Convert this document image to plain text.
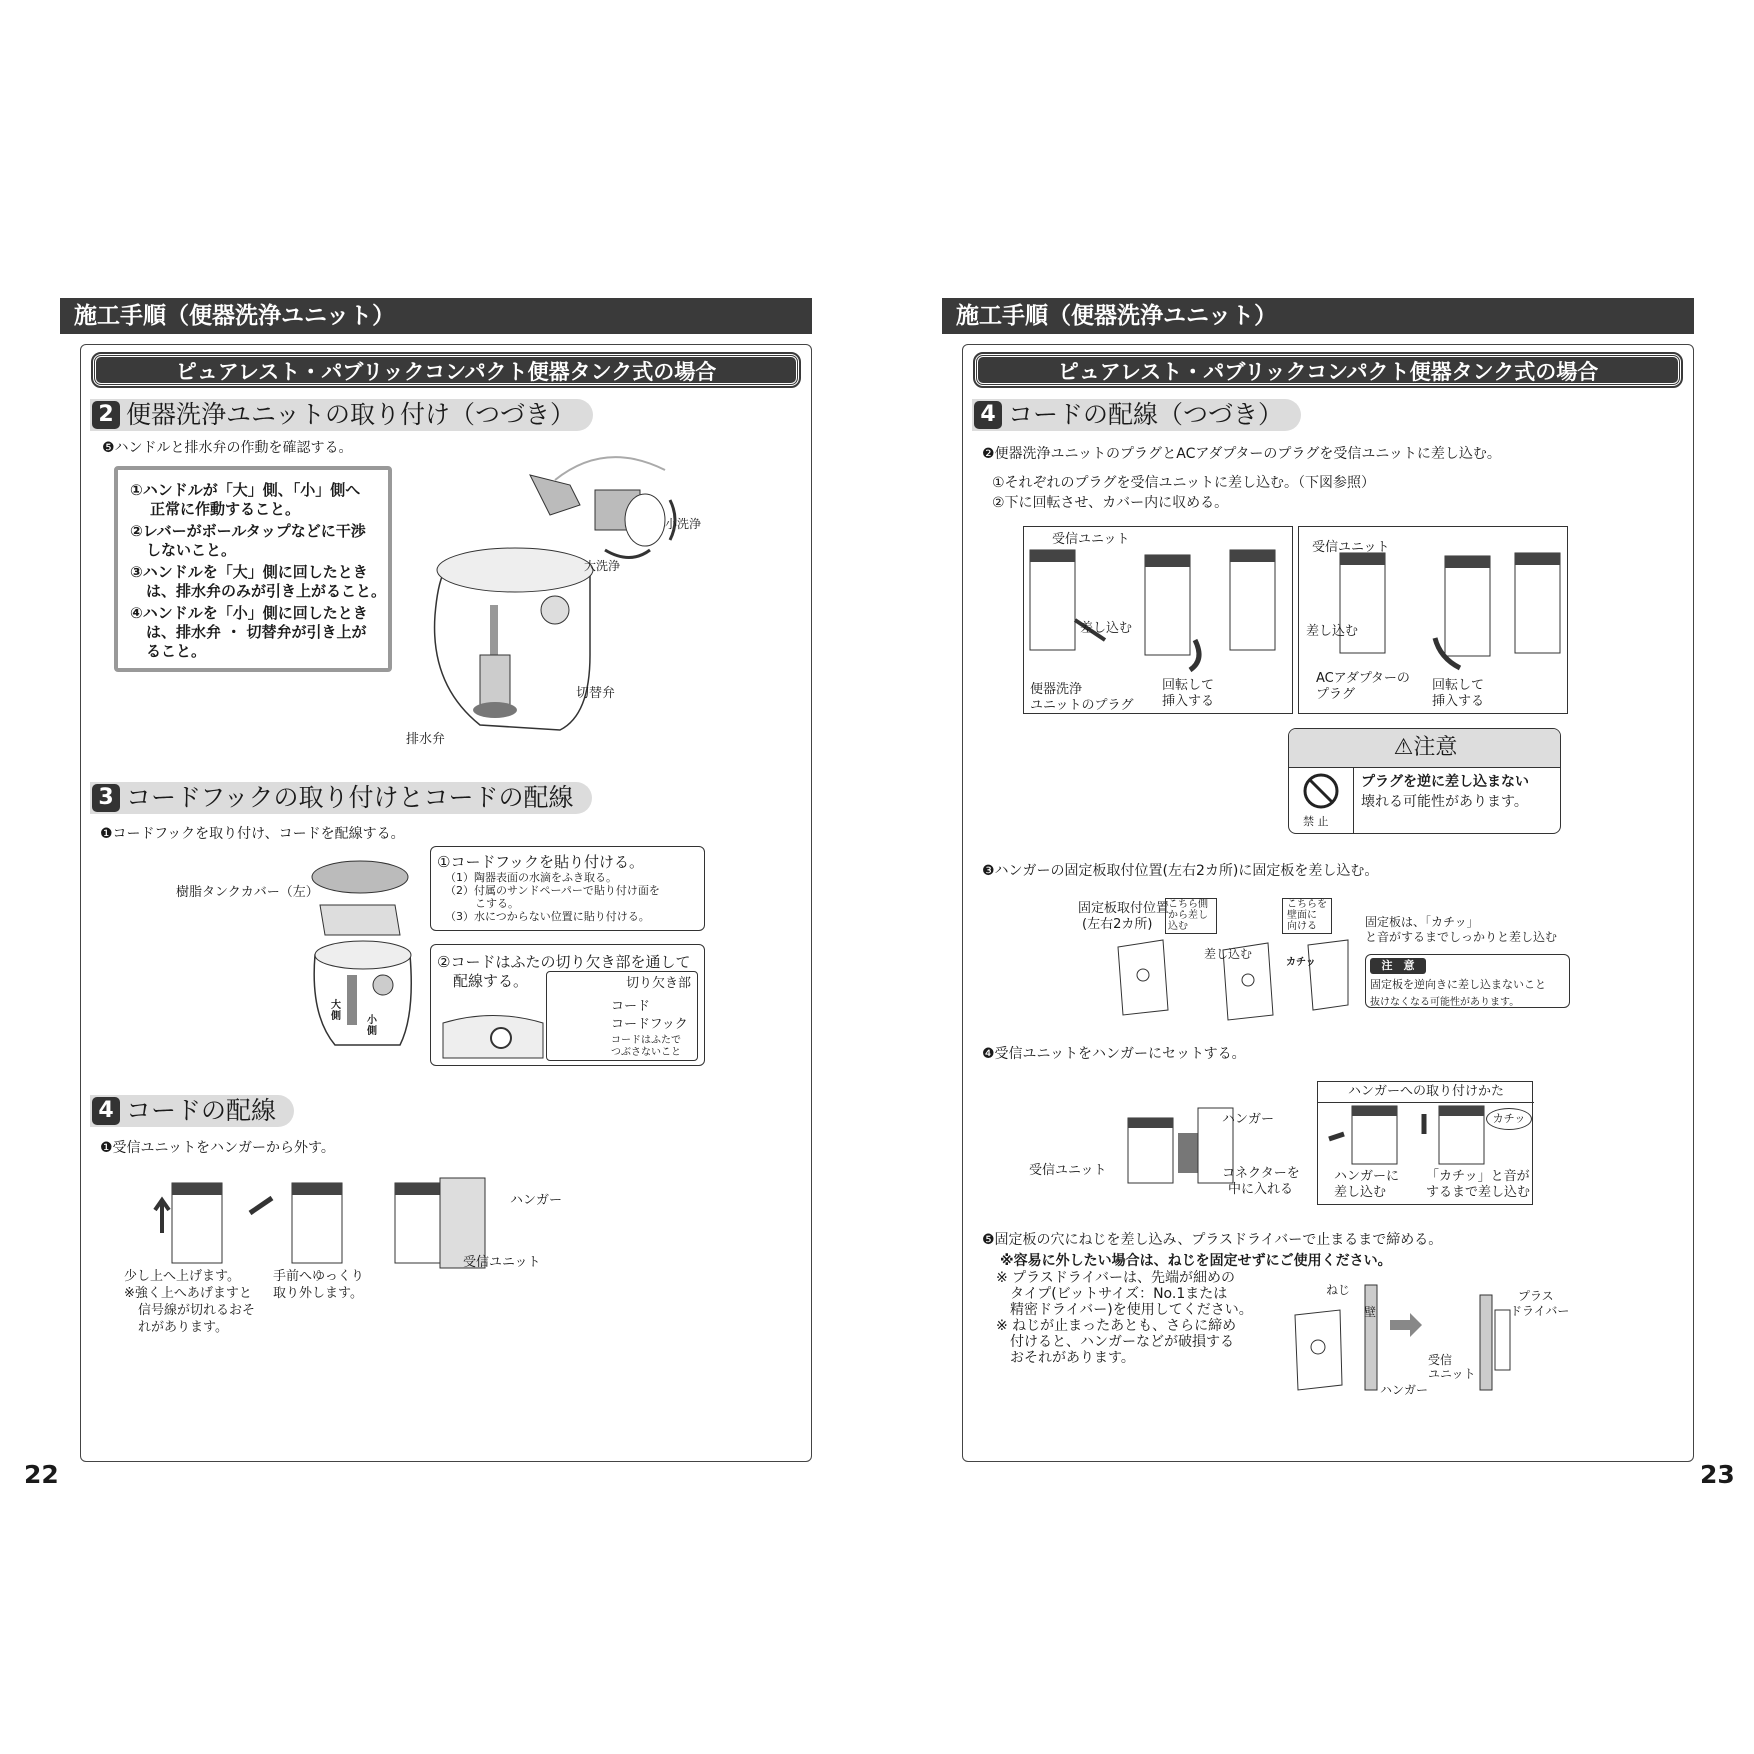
施工手順（便器洗浄ユニット）
ピュアレスト・パブリックコンパクト便器タンク式の場合
2 便器洗浄ユニットの取り付け（つづき）
❺ハンドルと排水弁の作動を確認する。
①ハンドルが「大」側、「小」側へ
正常に作動すること。
②レバーがボールタップなどに干渉
しないこと。
③ハンドルを「大」側に回したとき
は、排水弁のみが引き上がること。
④ハンドルを「小」側に回したとき
は、排水弁 ・ 切替弁が引き上が
ること。
小洗浄
大洗浄
切替弁
排水弁
3 コードフックの取り付けとコードの配線
❶コードフックを取り付け、コードを配線する。
樹脂タンクカバー（左）
大側	小側
①コードフックを貼り付ける。
（1）陶器表面の水滴をふき取る。
（2）付属のサンドペーパーで貼り付け面を
こする。
（3）水につからない位置に貼り付ける。
②コードはふたの切り欠き部を通して
配線する。	切り欠き部
コード
コードフック
コードはふたで
つぶさないこと
4 コードの配線
❶受信ユニットをハンガーから外す。
ハンガー
受信ユニット
少し上へ上げます。
※強く上へあげますと
信号線が切れるおそ
れがあります。
手前へゆっくり
取り外します。
22
施工手順（便器洗浄ユニット）
ピュアレスト・パブリックコンパクト便器タンク式の場合
4 コードの配線（つづき）
❷便器洗浄ユニットのプラグとACアダプターのプラグを受信ユニットに差し込む。
①それぞれのプラグを受信ユニットに差し込む。（下図参照）
②下に回転させ、カバー内に収める。
受信ユニット
差し込む
便器洗浄
ユニットのプラグ
回転して
挿入する
受信ユニット
差し込む
ACアダプターの
プラグ
回転して
挿入する
⚠注意
禁 止
プラグを逆に差し込まない
壊れる可能性があります。
❸ハンガーの固定板取付位置(左右2カ所)に固定板を差し込む。
固定板取付位置
(左右2カ所)
こちら側
から差し
込む
こちらを
壁面に
向ける
差し込む
カチッ
固定板は、「カチッ」
と音がするまでしっかりと差し込む
注　意
固定板を逆向きに差し込まないこと
抜けなくなる可能性があります。
❹受信ユニットをハンガーにセットする。
ハンガー
受信ユニット	コネクターを
中に入れる
ハンガーへの取り付けかた
カチッ
ハンガーに
差し込む
「カチッ」と音が
するまで差し込む
❺固定板の穴にねじを差し込み、プラスドライバーで止まるまで締める。
※容易に外したい場合は、ねじを固定せずにご使用ください。
※ プラスドライバーは、先端が細めの
タイプ(ビットサイズ：No.1または
精密ドライバー)を使用してください。
※ ねじが止まったあとも、さらに締め
付けると、ハンガーなどが破損する
おそれがあります。
ねじ
壁
受信
ユニット
ハンガー
プラス
ドライバー
23
